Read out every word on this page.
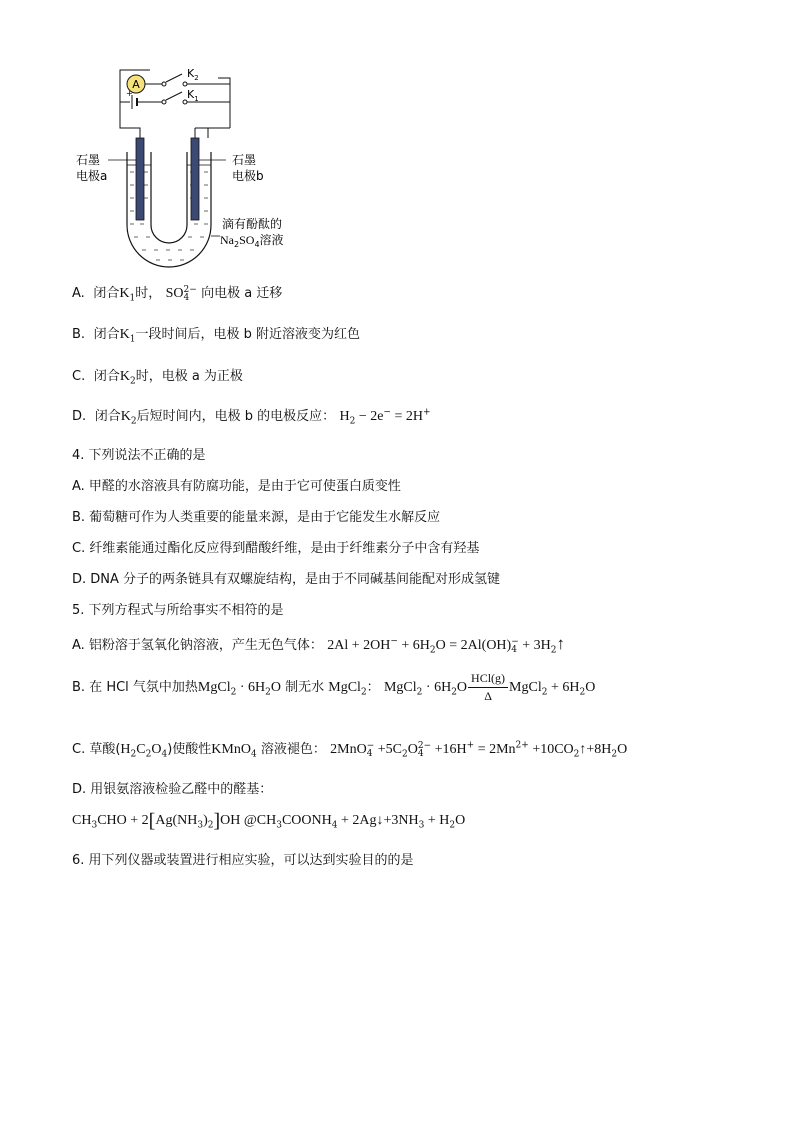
A
$K_2$
+	$K_1$
石墨
电极a
石墨
电极b
滴有酚酞的
$Na_2SO_4$溶液
A. 闭合$K_1$时， SO 2−
4 向电极 a 迁移
B. 闭合$K_1$一段时间后，电极 b 附近溶液变为红色
C. 闭合$K_2$时，电极 a 为正极
D. 闭合$K_2$后短时间内，电极 b 的电极反应： $H_2 - 2e^- = 2H^+$
4. 下列说法不正确的是
A. 甲醛的水溶液具有防腐功能，是由于它可使蛋白质变性
B. 葡萄糖可作为人类重要的能量来源，是由于它能发生水解反应
C. 纤维素能通过酯化反应得到醋酸纤维，是由于纤维素分子中含有羟基
D. DNA 分子的两条链具有双螺旋结构，是由于不同碱基间能配对形成氢键
5. 下列方程式与所给事实不相符的是
A. 铝粉溶于氢氧化钠溶液，产生无色气体： $2Al + 2OH^- + 6H_2O = 2Al(OH)$ −
$4 + 3H_2↑$
B. 在 HCl 气氛中加热MgCl$_2$ · $6H_2O$ 制无水 MgCl$_2$： MgCl$_2$ · $6H_2O \frac{\text{HCl(g)}}{\Delta}$ MgCl$_2$ + $6H_2O$
C. 草酸$(H_2C_2O_4)$使酸性KMnO$_4$ 溶液褪色： 2MnO −
$4 +5C_2O$ 2−
$4 +16H^+ = 2Mn^{2+}$ $+10CO_2↑+8H_2O$
D. 用银氨溶液检验乙醛中的醛基：
$CH_3CHO + 2[Ag(NH_3)_2]OH$ $@CH_3COONH_4$ + $2Ag↓+3NH_3 + H_2O$
6. 用下列仪器或装置进行相应实验，可以达到实验目的的是
